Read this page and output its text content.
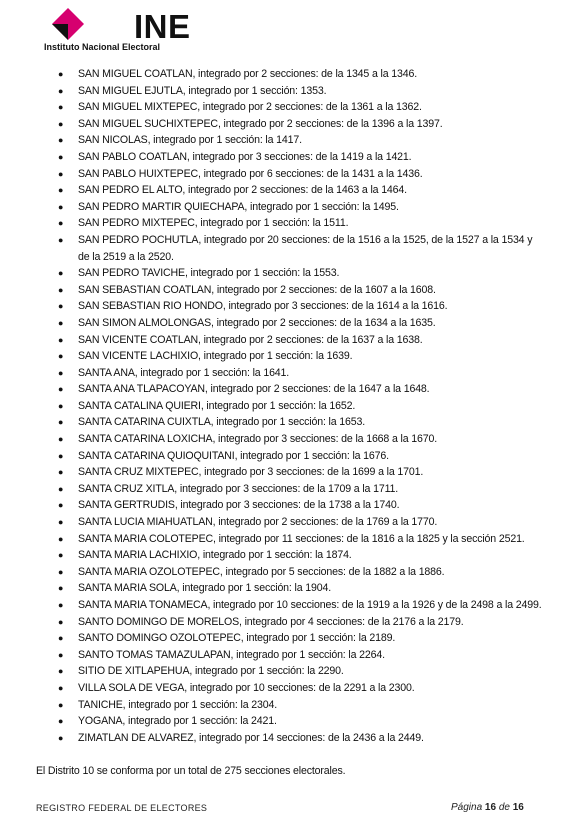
INE
Instituto Nacional Electoral
● SAN MIGUEL COATLAN, integrado por 2 secciones: de la 1345 a la 1346.
● SAN MIGUEL EJUTLA, integrado por 1 sección: 1353.
● SAN MIGUEL MIXTEPEC, integrado por 2 secciones: de la 1361 a la 1362.
● SAN MIGUEL SUCHIXTEPEC, integrado por 2 secciones: de la 1396 a la 1397.
● SAN NICOLAS, integrado por 1 sección: la 1417.
● SAN PABLO COATLAN, integrado por 3 secciones: de la 1419 a la 1421.
● SAN PABLO HUIXTEPEC, integrado por 6 secciones: de la 1431 a la 1436.
● SAN PEDRO EL ALTO, integrado por 2 secciones: de la 1463 a la 1464.
● SAN PEDRO MARTIR QUIECHAPA, integrado por 1 sección: la 1495.
● SAN PEDRO MIXTEPEC, integrado por 1 sección: la 1511.
● SAN PEDRO POCHUTLA, integrado por 20 secciones: de la 1516 a la 1525, de la 1527 a la 1534 y de la 2519 a la 2520.
● SAN PEDRO TAVICHE, integrado por 1 sección: la 1553.
● SAN SEBASTIAN COATLAN, integrado por 2 secciones: de la 1607 a la 1608.
● SAN SEBASTIAN RIO HONDO, integrado por 3 secciones: de la 1614 a la 1616.
● SAN SIMON ALMOLONGAS, integrado por 2 secciones: de la 1634 a la 1635.
● SAN VICENTE COATLAN, integrado por 2 secciones: de la 1637 a la 1638.
● SAN VICENTE LACHIXIO, integrado por 1 sección: la 1639.
● SANTA ANA, integrado por 1 sección: la 1641.
● SANTA ANA TLAPACOYAN, integrado por 2 secciones: de la 1647 a la 1648.
● SANTA CATALINA QUIERI, integrado por 1 sección: la 1652.
● SANTA CATARINA CUIXTLA, integrado por 1 sección: la 1653.
● SANTA CATARINA LOXICHA, integrado por 3 secciones: de la 1668 a la 1670.
● SANTA CATARINA QUIOQUITANI, integrado por 1 sección: la 1676.
● SANTA CRUZ MIXTEPEC, integrado por 3 secciones: de la 1699 a la 1701.
● SANTA CRUZ XITLA, integrado por 3 secciones: de la 1709 a la 1711.
● SANTA GERTRUDIS, integrado por 3 secciones: de la 1738 a la 1740.
● SANTA LUCIA MIAHUATLAN, integrado por 2 secciones: de la 1769 a la 1770.
● SANTA MARIA COLOTEPEC, integrado por 11 secciones: de la 1816 a la 1825 y la sección 2521.
● SANTA MARIA LACHIXIO, integrado por 1 sección: la 1874.
● SANTA MARIA OZOLOTEPEC, integrado por 5 secciones: de la 1882 a la 1886.
● SANTA MARIA SOLA, integrado por 1 sección: la 1904.
● SANTA MARIA TONAMECA, integrado por 10 secciones: de la 1919 a la 1926 y de la 2498 a la 2499.
● SANTO DOMINGO DE MORELOS, integrado por 4 secciones: de la 2176 a la 2179.
● SANTO DOMINGO OZOLOTEPEC, integrado por 1 sección: la 2189.
● SANTO TOMAS TAMAZULAPAN, integrado por 1 sección: la 2264.
● SITIO DE XITLAPEHUA, integrado por 1 sección: la 2290.
● VILLA SOLA DE VEGA, integrado por 10 secciones: de la 2291 a la 2300.
● TANICHE, integrado por 1 sección: la 2304.
● YOGANA, integrado por 1 sección: la 2421.
● ZIMATLAN DE ALVAREZ, integrado por 14 secciones: de la 2436 a la 2449.
El Distrito 10 se conforma por un total de 275 secciones electorales.
REGISTRO FEDERAL DE ELECTORES	Página 16 de 16
